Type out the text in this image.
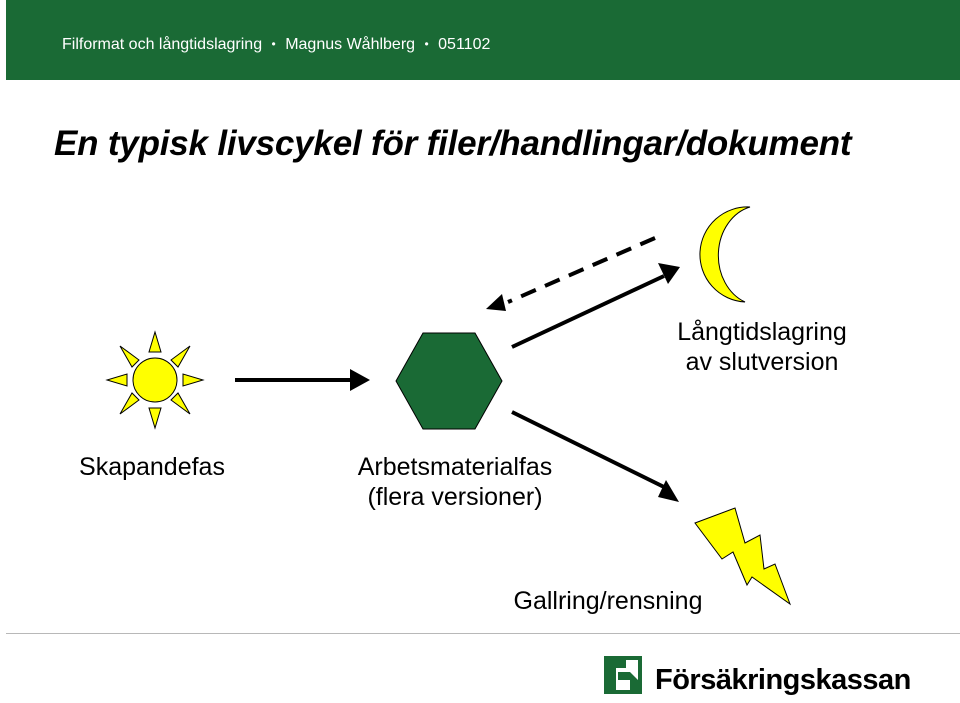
Filformat och långtidslagring • Magnus Wåhlberg • 051102
En typisk livscykel för filer/handlingar/dokument
Skapandefas	Arbetsmaterialfas
(flera versioner)
Långtidslagring
av slutversion
Gallring/rensning
Försäkringskassan
